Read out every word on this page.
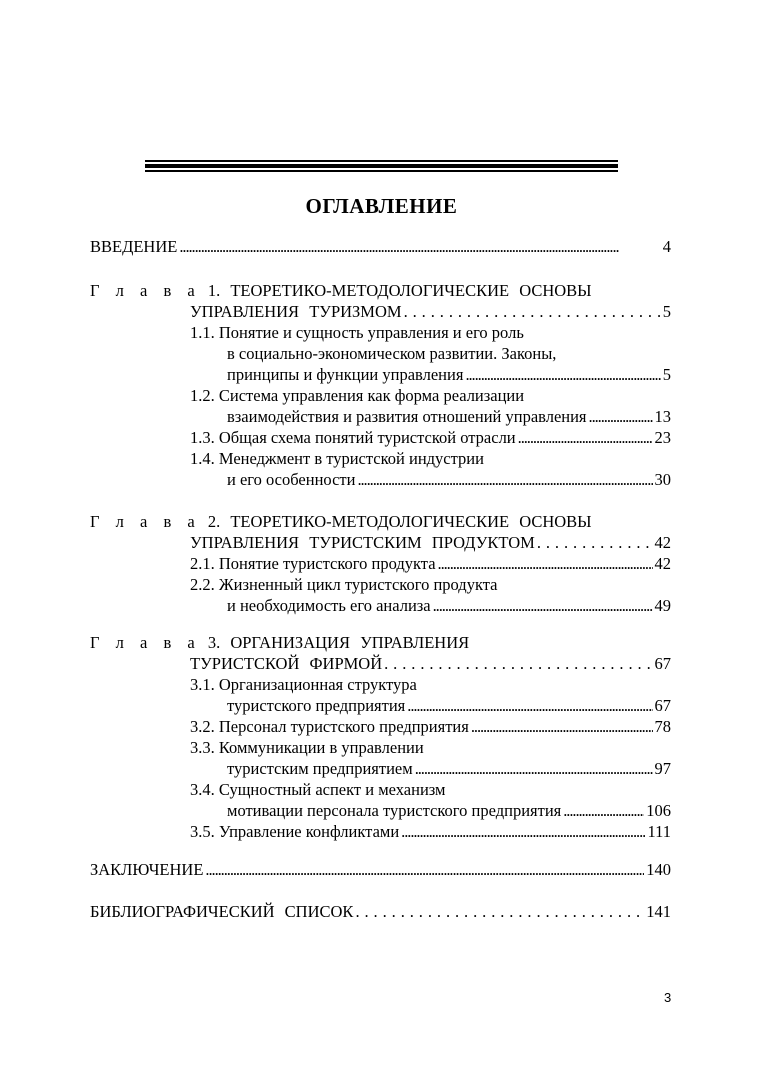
ОГЛАВЛЕНИЕ
ВВЕДЕНИЕ . . .	4
Г л а в а
1.
ТЕОРЕТИКО-МЕТОДОЛОГИЧЕСКИЕ ОСНОВЫ
УПРАВЛЕНИЯ ТУРИЗМОМ . . .	5
1.1. Понятие и сущность управления и его роль
в социально-экономическом развитии. Законы,
принципы и функции управления . . .	5
1.2. Система управления как форма реализации
взаимодействия и развития отношений управления . . .	13
1.3. Общая схема понятий туристской отрасли . . .	23
1.4. Менеджмент в туристской индустрии
и его особенности . . .	30
Г л а в а
2.
ТЕОРЕТИКО-МЕТОДОЛОГИЧЕСКИЕ ОСНОВЫ
УПРАВЛЕНИЯ ТУРИСТСКИМ ПРОДУКТОМ . . .	42
2.1. Понятие туристского продукта . . .	42
2.2. Жизненный цикл туристского продукта
и необходимость его анализа . . .	49
Г л а в а
3.
ОРГАНИЗАЦИЯ УПРАВЛЕНИЯ
ТУРИСТСКОЙ ФИРМОЙ . . .	67
3.1. Организационная структура
туристского предприятия . . .	67
3.2. Персонал туристского предприятия . . .	78
3.3. Коммуникации в управлении
туристским предприятием . . .	97
3.4. Сущностный аспект и механизм
мотивации персонала туристского предприятия . . .	106
3.5. Управление конфликтами . . .	111
ЗАКЛЮЧЕНИЕ . . .	140
БИБЛИОГРАФИЧЕСКИЙ СПИСОК . . .	141
3
